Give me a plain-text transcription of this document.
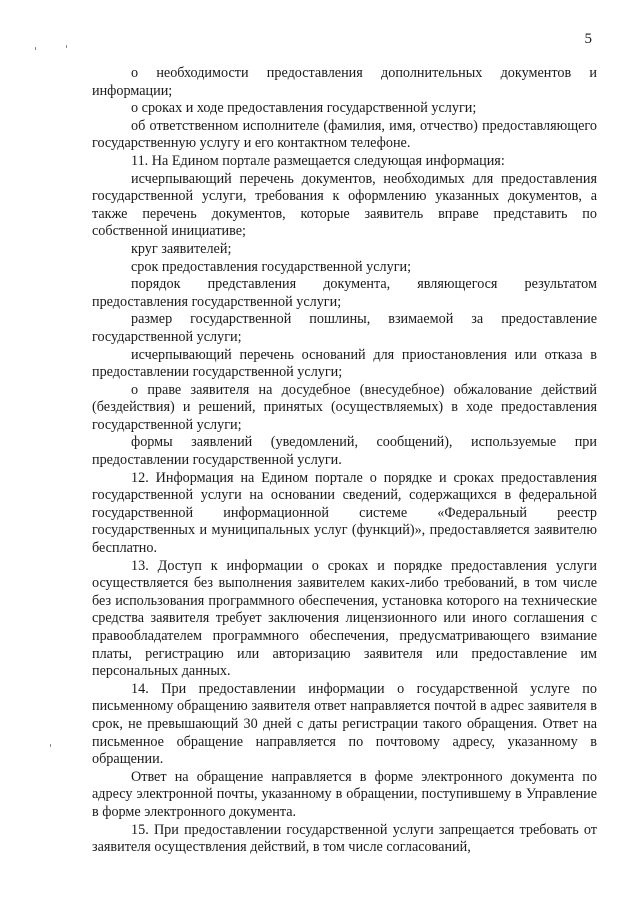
5

о необходимости предоставления дополнительных документов и информации;

о сроках и ходе предоставления государственной услуги;

об ответственном исполнителе (фамилия, имя, отчество) предоставляющего государственную услугу и его контактном телефоне.

11. На Едином портале размещается следующая информация:

исчерпывающий перечень документов, необходимых для предоставления государственной услуги, требования к оформлению указанных документов, а также перечень документов, которые заявитель вправе представить по собственной инициативе;

круг заявителей;

срок предоставления государственной услуги;

порядок представления документа, являющегося результатом предоставления государственной услуги;

размер государственной пошлины, взимаемой за предоставление государственной услуги;

исчерпывающий перечень оснований для приостановления или отказа в предоставлении государственной услуги;

о праве заявителя на досудебное (внесудебное) обжалование действий (бездействия) и решений, принятых (осуществляемых) в ходе предоставления государственной услуги;

формы заявлений (уведомлений, сообщений), используемые при предоставлении государственной услуги.

12. Информация на Едином портале о порядке и сроках предоставления государственной услуги на основании сведений, содержащихся в федеральной государственной информационной системе «Федеральный реестр государственных и муниципальных услуг (функций)», предоставляется заявителю бесплатно.

13. Доступ к информации о сроках и порядке предоставления услуги осуществляется без выполнения заявителем каких-либо требований, в том числе без использования программного обеспечения, установка которого на технические средства заявителя требует заключения лицензионного или иного соглашения с правообладателем программного обеспечения, предусматривающего взимание платы, регистрацию или авторизацию заявителя или предоставление им персональных данных.

14. При предоставлении информации о государственной услуге по письменному обращению заявителя ответ направляется почтой в адрес заявителя в срок, не превышающий 30 дней с даты регистрации такого обращения. Ответ на письменное обращение направляется по почтовому адресу, указанному в обращении.

Ответ на обращение направляется в форме электронного документа по адресу электронной почты, указанному в обращении, поступившему в Управление в форме электронного документа.

15. При предоставлении государственной услуги запрещается требовать от заявителя осуществления действий, в том числе согласований,
